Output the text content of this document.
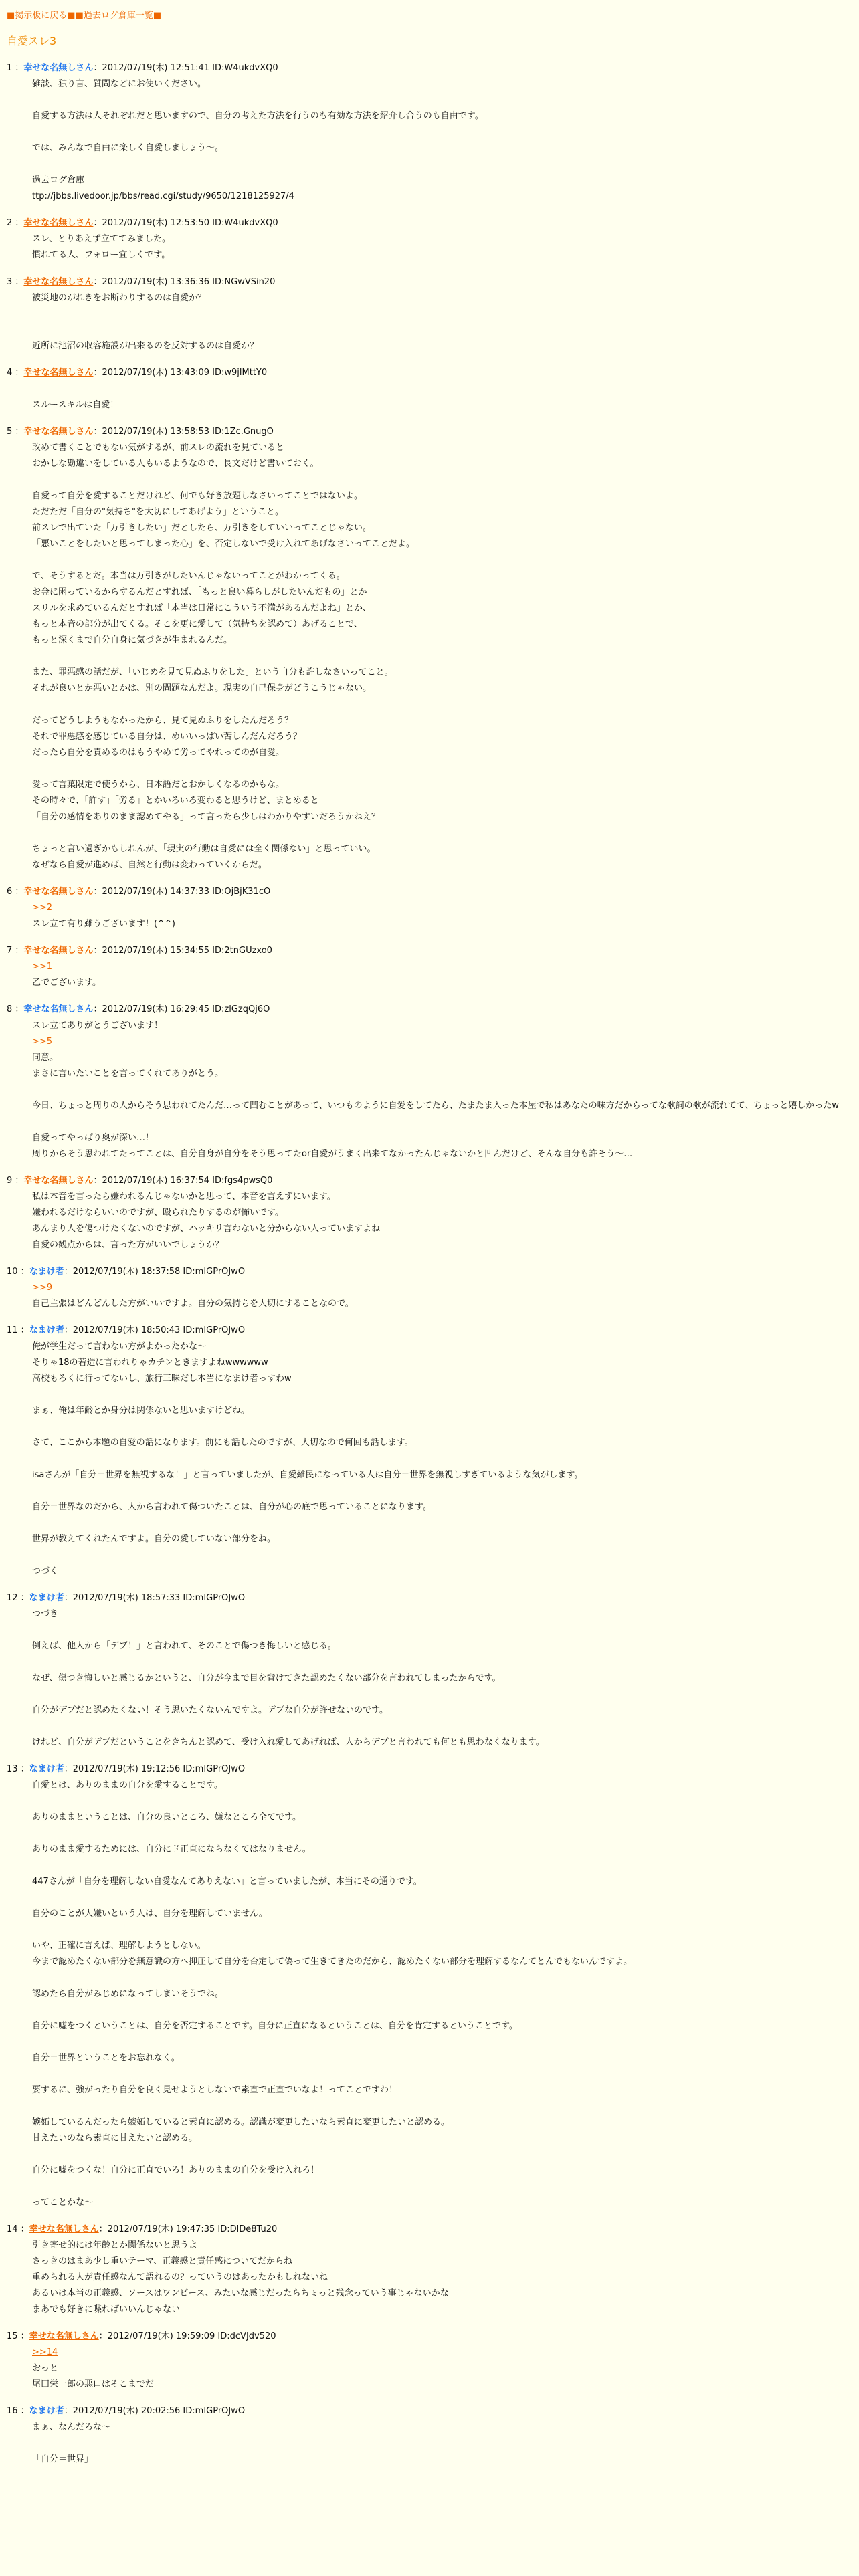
■掲示板に戻る■■過去ログ倉庫一覧■
自愛スレ3
1 ：幸せな名無しさん：2012/07/19(木) 12:51:41 ID:W4ukdvXQ0
雑談、独り言、質問などにお使いください。
自愛する方法は人それぞれだと思いますので、自分の考えた方法を行うのも有効な方法を紹介し合うのも自由です。
では、みんなで自由に楽しく自愛しましょう～。
過去ログ倉庫
ttp://jbbs.livedoor.jp/bbs/read.cgi/study/9650/1218125927/4
2 ：幸せな名無しさん：2012/07/19(木) 12:53:50 ID:W4ukdvXQ0
スレ、とりあえず立ててみました。
慣れてる人、フォロー宜しくです。
3 ：幸せな名無しさん：2012/07/19(木) 13:36:36 ID:NGwVSin20
被災地のがれきをお断わりするのは自愛か？
近所に池沼の収容施設が出来るのを反対するのは自愛か？
4 ：幸せな名無しさん：2012/07/19(木) 13:43:09 ID:w9jlMttY0
スルースキルは自愛！
5 ：幸せな名無しさん：2012/07/19(木) 13:58:53 ID:1Zc.GnugO
改めて書くことでもない気がするが、前スレの流れを見ていると
おかしな勘違いをしている人もいるようなので、長文だけど書いておく。
自愛って自分を愛することだけれど、何でも好き放題しなさいってことではないよ。
ただただ「自分の"気持ち"を大切にしてあげよう」ということ。
前スレで出ていた「万引きしたい」だとしたら、万引きをしていいってことじゃない。
「悪いことをしたいと思ってしまった心」を、否定しないで受け入れてあげなさいってことだよ。
で、そうするとだ。本当は万引きがしたいんじゃないってことがわかってくる。
お金に困っているからするんだとすれば、「もっと良い暮らしがしたいんだもの」とか
スリルを求めているんだとすれば「本当は日常にこういう不満があるんだよね」とか、
もっと本音の部分が出てくる。そこを更に愛して（気持ちを認めて）あげることで、
もっと深くまで自分自身に気づきが生まれるんだ。
また、罪悪感の話だが、「いじめを見て見ぬふりをした」という自分も許しなさいってこと。
それが良いとか悪いとかは、別の問題なんだよ。現実の自己保身がどうこうじゃない。
だってどうしようもなかったから、見て見ぬふりをしたんだろう？
それで罪悪感を感じている自分は、めいいっぱい苦しんだんだろう？
だったら自分を責めるのはもうやめて労ってやれってのが自愛。
愛って言葉限定で使うから、日本語だとおかしくなるのかもな。
その時々で、「許す」「労る」とかいろいろ変わると思うけど、まとめると
「自分の感情をありのまま認めてやる」って言ったら少しはわかりやすいだろうかねえ？
ちょっと言い過ぎかもしれんが、「現実の行動は自愛には全く関係ない」と思っていい。
なぜなら自愛が進めば、自然と行動は変わっていくからだ。
6 ：幸せな名無しさん：2012/07/19(木) 14:37:33 ID:OjBjK31cO
>>2
スレ立て有り難うございます！(^^)
7 ：幸せな名無しさん：2012/07/19(木) 15:34:55 ID:2tnGUzxo0
>>1
乙でございます。
8 ：幸せな名無しさん：2012/07/19(木) 16:29:45 ID:zlGzqQj6O
スレ立てありがとうございます！
>>5
同意。
まさに言いたいことを言ってくれてありがとう。
今日、ちょっと周りの人からそう思われてたんだ…って凹むことがあって、いつものように自愛をしてたら、たまたま入った本屋で私はあなたの味方だからってな歌詞の歌が流れてて、ちょっと嬉しかったw
自愛ってやっぱり奥が深い…！
周りからそう思われてたってことは、自分自身が自分をそう思ってたor自愛がうまく出来てなかったんじゃないかと凹んだけど、そんな自分も許そう～…
9 ：幸せな名無しさん：2012/07/19(木) 16:37:54 ID:fgs4pwsQ0
私は本音を言ったら嫌われるんじゃないかと思って、本音を言えずにいます。
嫌われるだけならいいのですが、殴られたりするのが怖いです。
あんまり人を傷つけたくないのですが、ハッキリ言わないと分からない人っていますよね
自愛の観点からは、言った方がいいでしょうか？
10 ：なまけ者：2012/07/19(木) 18:37:58 ID:mIGPrOJwO
>>9
自己主張はどんどんした方がいいですよ。自分の気持ちを大切にすることなので。
11 ：なまけ者：2012/07/19(木) 18:50:43 ID:mIGPrOJwO
俺が学生だって言わない方がよかったかな～
そりゃ18の若造に言われりゃカチンときますよねwwwwww
高校もろくに行ってないし、旅行三昧だし本当になまけ者っすわw
まぁ、俺は年齢とか身分は関係ないと思いますけどね。
さて、ここから本題の自愛の話になります。前にも話したのですが、大切なので何回も話します。
isaさんが「自分＝世界を無視するな！」と言っていましたが、自愛難民になっている人は自分＝世界を無視しすぎているような気がします。
自分＝世界なのだから、人から言われて傷ついたことは、自分が心の底で思っていることになります。
世界が教えてくれたんですよ。自分の愛していない部分をね。
つづく
12 ：なまけ者：2012/07/19(木) 18:57:33 ID:mIGPrOJwO
つづき
例えば、他人から「デブ！」と言われて、そのことで傷つき悔しいと感じる。
なぜ、傷つき悔しいと感じるかというと、自分が今まで目を背けてきた認めたくない部分を言われてしまったからです。
自分がデブだと認めたくない！そう思いたくないんですよ。デブな自分が許せないのです。
けれど、自分がデブだということをきちんと認めて、受け入れ愛してあげれば、人からデブと言われても何とも思わなくなります。
13 ：なまけ者：2012/07/19(木) 19:12:56 ID:mIGPrOJwO
自愛とは、ありのままの自分を愛することです。
ありのままということは、自分の良いところ、嫌なところ全てです。
ありのまま愛するためには、自分にド正直にならなくてはなりません。
447さんが「自分を理解しない自愛なんてありえない」と言っていましたが、本当にその通りです。
自分のことが大嫌いという人は、自分を理解していません。
いや、正確に言えば、理解しようとしない。
今まで認めたくない部分を無意識の方へ抑圧して自分を否定して偽って生きてきたのだから、認めたくない部分を理解するなんてとんでもないんですよ。
認めたら自分がみじめになってしまいそうでね。
自分に嘘をつくということは、自分を否定することです。自分に正直になるということは、自分を肯定するということです。
自分＝世界ということをお忘れなく。
要するに、強がったり自分を良く見せようとしないで素直で正直でいなよ！ってことですわ！
嫉妬しているんだったら嫉妬していると素直に認める。認識が変更したいなら素直に変更したいと認める。
甘えたいのなら素直に甘えたいと認める。
自分に嘘をつくな！自分に正直でいろ！ありのままの自分を受け入れろ！
ってことかな～
14 ：幸せな名無しさん：2012/07/19(木) 19:47:35 ID:DlDe8Tu20
引き寄せ的には年齢とか関係ないと思うよ
さっきのはまあ少し重いテーマ、正義感と責任感についてだからね
重められる人が責任感なんて語れるの？っていうのはあったかもしれないね
あるいは本当の正義感、ソースはワンピース、みたいな感じだったらちょっと残念っていう事じゃないかな
まあでも好きに喋ればいいんじゃない
15 ：幸せな名無しさん：2012/07/19(木) 19:59:09 ID:dcVJdv520
>>14
おっと
尾田栄一郎の悪口はそこまでだ
16 ：なまけ者：2012/07/19(木) 20:02:56 ID:mIGPrOJwO
まぁ、なんだろな～
「自分＝世界」
